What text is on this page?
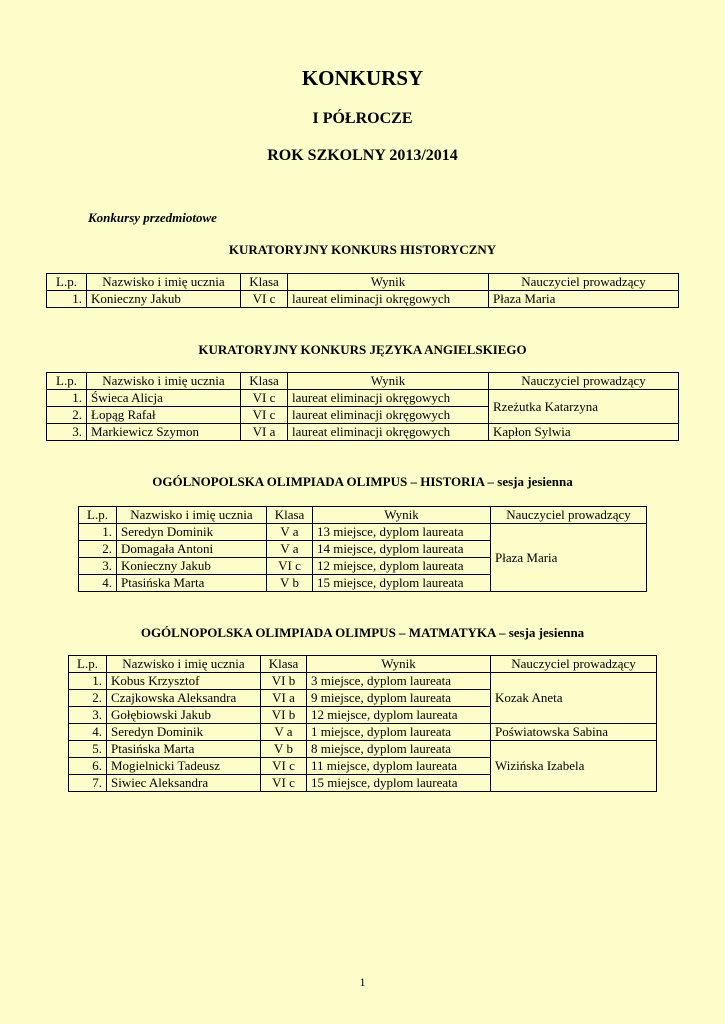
KONKURSY
I PÓŁROCZE
ROK SZKOLNY 2013/2014
Konkursy przedmiotowe
KURATORYJNY KONKURS HISTORYCZNY
L.p.	Nazwisko i imię ucznia	Klasa	Wynik	Nauczyciel prowadzący
1.	Konieczny Jakub	VI c	laureat eliminacji okręgowych	Płaza Maria
KURATORYJNY KONKURS JĘZYKA ANGIELSKIEGO
L.p.	Nazwisko i imię ucznia	Klasa	Wynik	Nauczyciel prowadzący
1.	Świeca Alicja	VI c	laureat eliminacji okręgowych	Rzeżutka Katarzyna
2.	Łopąg Rafał	VI c	laureat eliminacji okręgowych	
3.	Markiewicz Szymon	VI a	laureat eliminacji okręgowych	Kapłon Sylwia
OGÓLNOPOLSKA OLIMPIADA OLIMPUS – HISTORIA – sesja jesienna
L.p.	Nazwisko i imię ucznia	Klasa	Wynik	Nauczyciel prowadzący
1.	Seredyn Dominik	V a	13 miejsce, dyplom laureata	Płaza Maria
2.	Domagała Antoni	V a	14 miejsce, dyplom laureata	
3.	Konieczny Jakub	VI c	12 miejsce, dyplom laureata	
4.	Ptasińska Marta	V b	15 miejsce, dyplom laureata	
OGÓLNOPOLSKA OLIMPIADA OLIMPUS – MATMATYKA – sesja jesienna
L.p.	Nazwisko i imię ucznia	Klasa	Wynik	Nauczyciel prowadzący
1.	Kobus Krzysztof	VI b	3 miejsce, dyplom laureata	Kozak Aneta
2.	Czajkowska Aleksandra	VI a	9 miejsce, dyplom laureata	
3.	Gołębiowski Jakub	VI b	12 miejsce, dyplom laureata	
4.	Seredyn Dominik	V a	1 miejsce, dyplom laureata	Poświatowska Sabina
5.	Ptasińska Marta	V b	8 miejsce, dyplom laureata	Wizińska Izabela
6.	Mogielnicki Tadeusz	VI c	11 miejsce, dyplom laureata	
7.	Siwiec Aleksandra	VI c	15 miejsce, dyplom laureata	
1
